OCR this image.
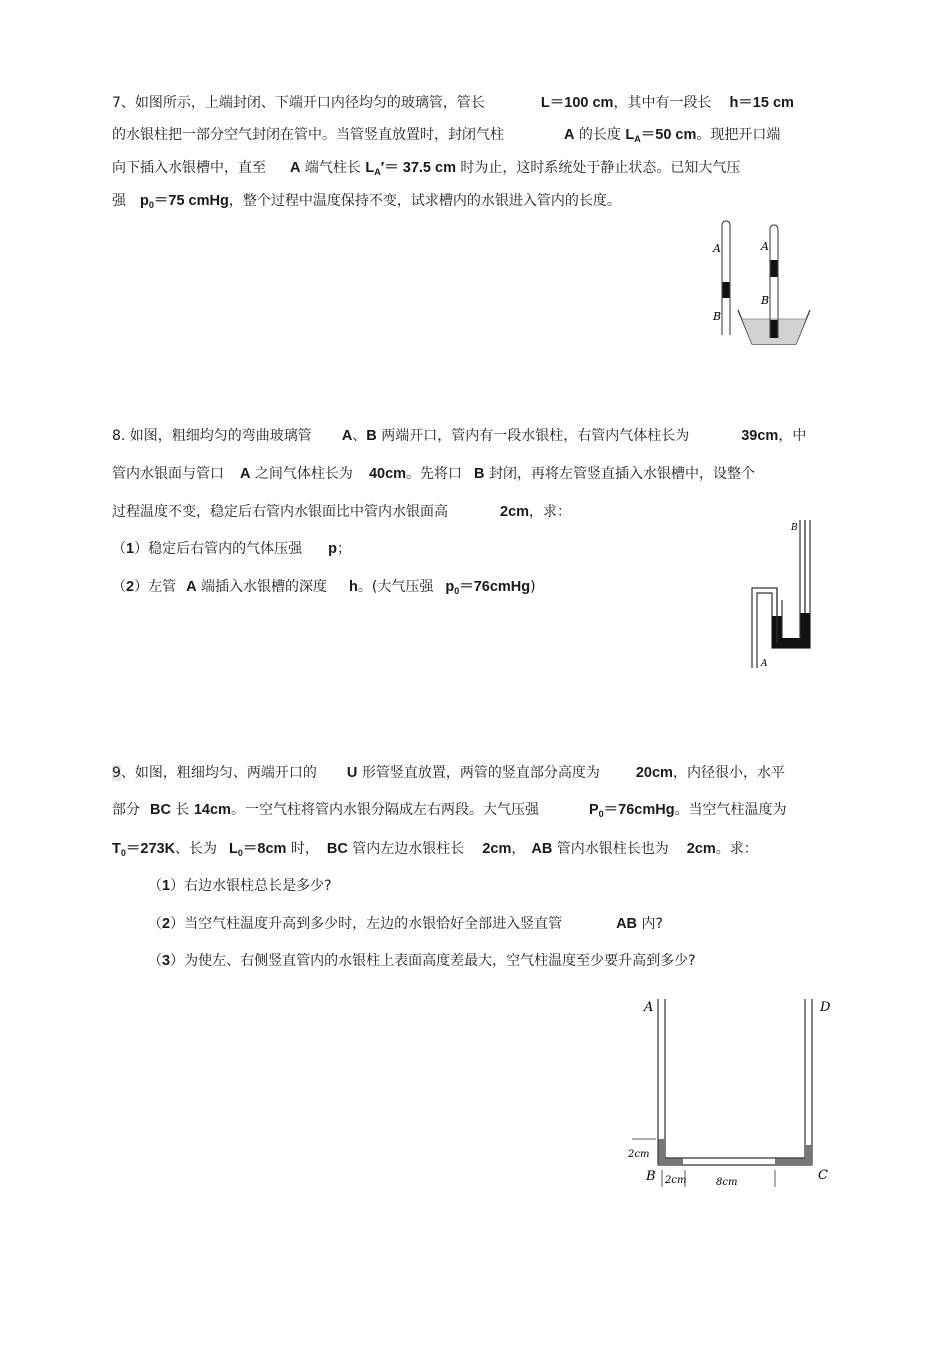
7、如图所示，上端封闭、下端开口内径均匀的玻璃管，管长	L＝100 cm，其中有一段长 h＝15 cm
的水银柱把一部分空气封闭在管中。当管竖直放置时，封闭气柱	A 的长度 $L_A=50$ cm。现把开口端
向下插入水银槽中，直至 A 端气柱长 $L_A'= 37.5$ cm 时为止，这时系统处于静止状态。已知大气压
强 $p_0=75$ cmHg，整个过程中温度保持不变，试求槽内的水银进入管内的长度。
A
B
A
B
8. 如图，粗细均匀的弯曲玻璃管 A、B 两端开口，管内有一段水银柱，右管内气体柱长为	39cm，中
管内水银面与管口 A 之间气体柱长为 40cm。先将口 B 封闭，再将左管竖直插入水银槽中，设整个
过程温度不变，稳定后右管内水银面比中管内水银面高	2cm，求：
（1）稳定后右管内的气体压强 p；
（2）左管 A 端插入水银槽的深度 h。(大气压强 $p_0=76cmHg$)
B
A
9、如图，粗细均匀、两端开口的 U 形管竖直放置，两管的竖直部分高度为 20cm，内径很小，水平
部分 BC 长 14cm。一空气柱将管内水银分隔成左右两段。大气压强	$P_0=76cmHg$。当空气柱温度为
$T_0=273K$、长为 $L_0=8cm$ 时， BC 管内左边水银柱长 2cm， AB 管内水银柱长也为 2cm。求：
（1）右边水银柱总长是多少?
（2）当空气柱温度升高到多少时，左边的水银恰好全部进入竖直管	AB 内?
（3）为使左、右侧竖直管内的水银柱上表面高度差最大，空气柱温度至少要升高到多少?
A	D
B	C
2cm
2cm	8cm
